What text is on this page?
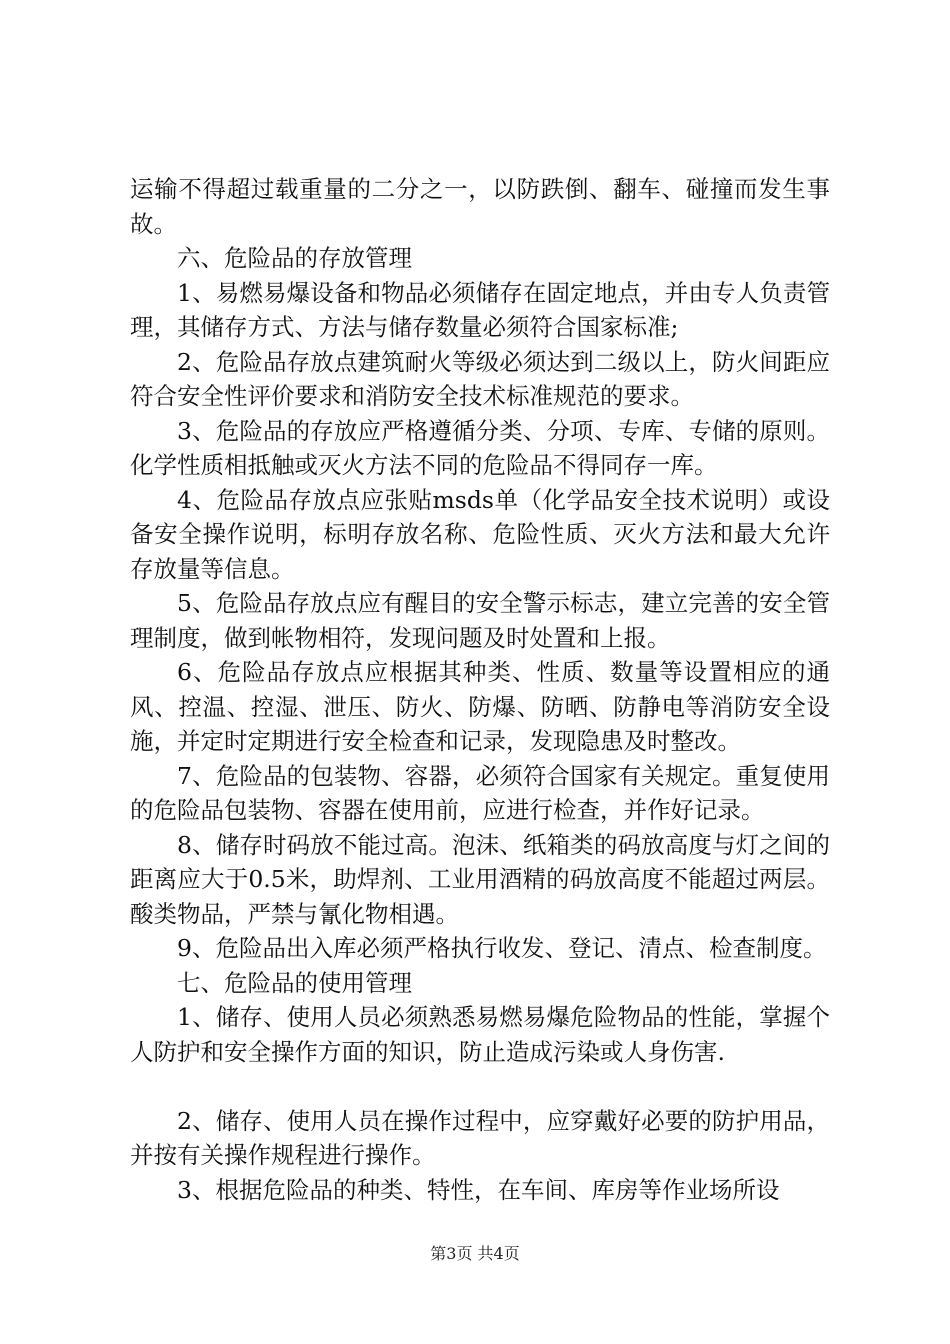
运输不得超过载重量的二分之一，以防跌倒、翻车、碰撞而发生事故。

六、危险品的存放管理

1、易燃易爆设备和物品必须储存在固定地点，并由专人负责管理，其储存方式、方法与储存数量必须符合国家标准;

2、危险品存放点建筑耐火等级必须达到二级以上，防火间距应符合安全性评价要求和消防安全技术标准规范的要求。

3、危险品的存放应严格遵循分类、分项、专库、专储的原则。化学性质相抵触或灭火方法不同的危险品不得同存一库。

4、危险品存放点应张贴msds单（化学品安全技术说明）或设备安全操作说明，标明存放名称、危险性质、灭火方法和最大允许存放量等信息。

5、危险品存放点应有醒目的安全警示标志，建立完善的安全管理制度，做到帐物相符，发现问题及时处置和上报。

6、危险品存放点应根据其种类、性质、数量等设置相应的通风、控温、控湿、泄压、防火、防爆、防晒、防静电等消防安全设施，并定时定期进行安全检查和记录，发现隐患及时整改。

7、危险品的包装物、容器，必须符合国家有关规定。重复使用的危险品包装物、容器在使用前，应进行检查，并作好记录。

8、储存时码放不能过高。泡沫、纸箱类的码放高度与灯之间的距离应大于0.5米，助焊剂、工业用酒精的码放高度不能超过两层。酸类物品，严禁与氰化物相遇。

9、危险品出入库必须严格执行收发、登记、清点、检查制度。

七、危险品的使用管理

1、储存、使用人员必须熟悉易燃易爆危险物品的性能，掌握个人防护和安全操作方面的知识，防止造成污染或人身伤害.

2、储存、使用人员在操作过程中，应穿戴好必要的防护用品，并按有关操作规程进行操作。

3、根据危险品的种类、特性，在车间、库房等作业场所设

第3页 共4页
